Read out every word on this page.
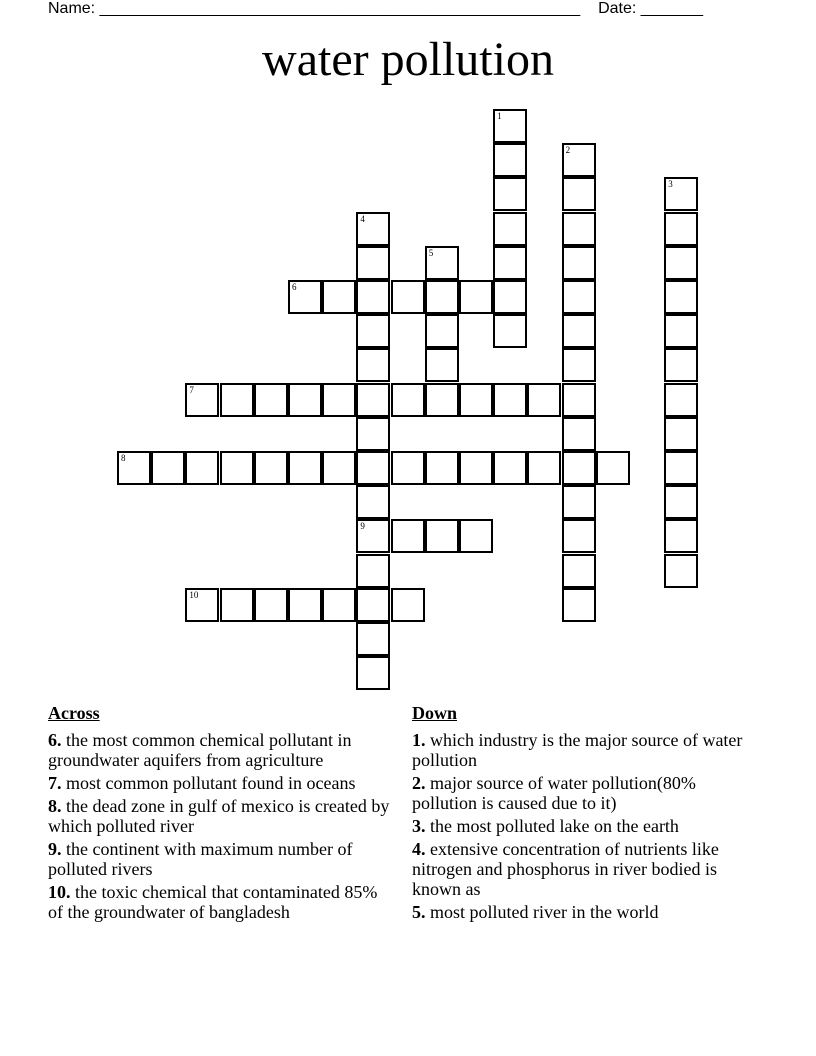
Name: ______________________________________________________ Date: _______
water pollution
1
2
3
4
9
5
6
7
8
10
Across
6. the most common chemical pollutant in groundwater aquifers from agriculture
7. most common pollutant found in oceans
8. the dead zone in gulf of mexico is created by which polluted river
9. the continent with maximum number of polluted rivers
10. the toxic chemical that contaminated 85% of the groundwater of bangladesh
Down
1. which industry is the major source of water pollution
2. major source of water pollution(80% pollution is caused due to it)
3. the most polluted lake on the earth
4. extensive concentration of nutrients like nitrogen and phosphorus in river bodied is known as
5. most polluted river in the world
